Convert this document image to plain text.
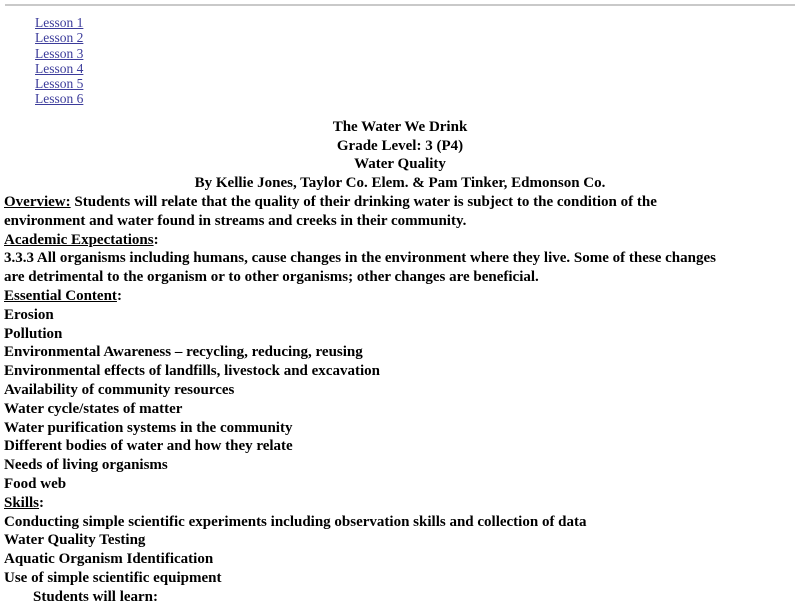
Lesson 1
Lesson 2
Lesson 3
Lesson 4
Lesson 5
Lesson 6
The Water We Drink
Grade Level: 3 (P4)
Water Quality
By Kellie Jones, Taylor Co. Elem. & Pam Tinker, Edmonson Co.
Overview: Students will relate that the quality of their drinking water is subject to the condition of the
environment and water found in streams and creeks in their community.
Academic Expectations:
3.3.3 All organisms including humans, cause changes in the environment where they live. Some of these changes
are detrimental to the organism or to other organisms; other changes are beneficial.
Essential Content:
Erosion
Pollution
Environmental Awareness – recycling, reducing, reusing
Environmental effects of landfills, livestock and excavation
Availability of community resources
Water cycle/states of matter
Water purification systems in the community
Different bodies of water and how they relate
Needs of living organisms
Food web
Skills:
Conducting simple scientific experiments including observation skills and collection of data
Water Quality Testing
Aquatic Organism Identification
Use of simple scientific equipment
Students will learn:
